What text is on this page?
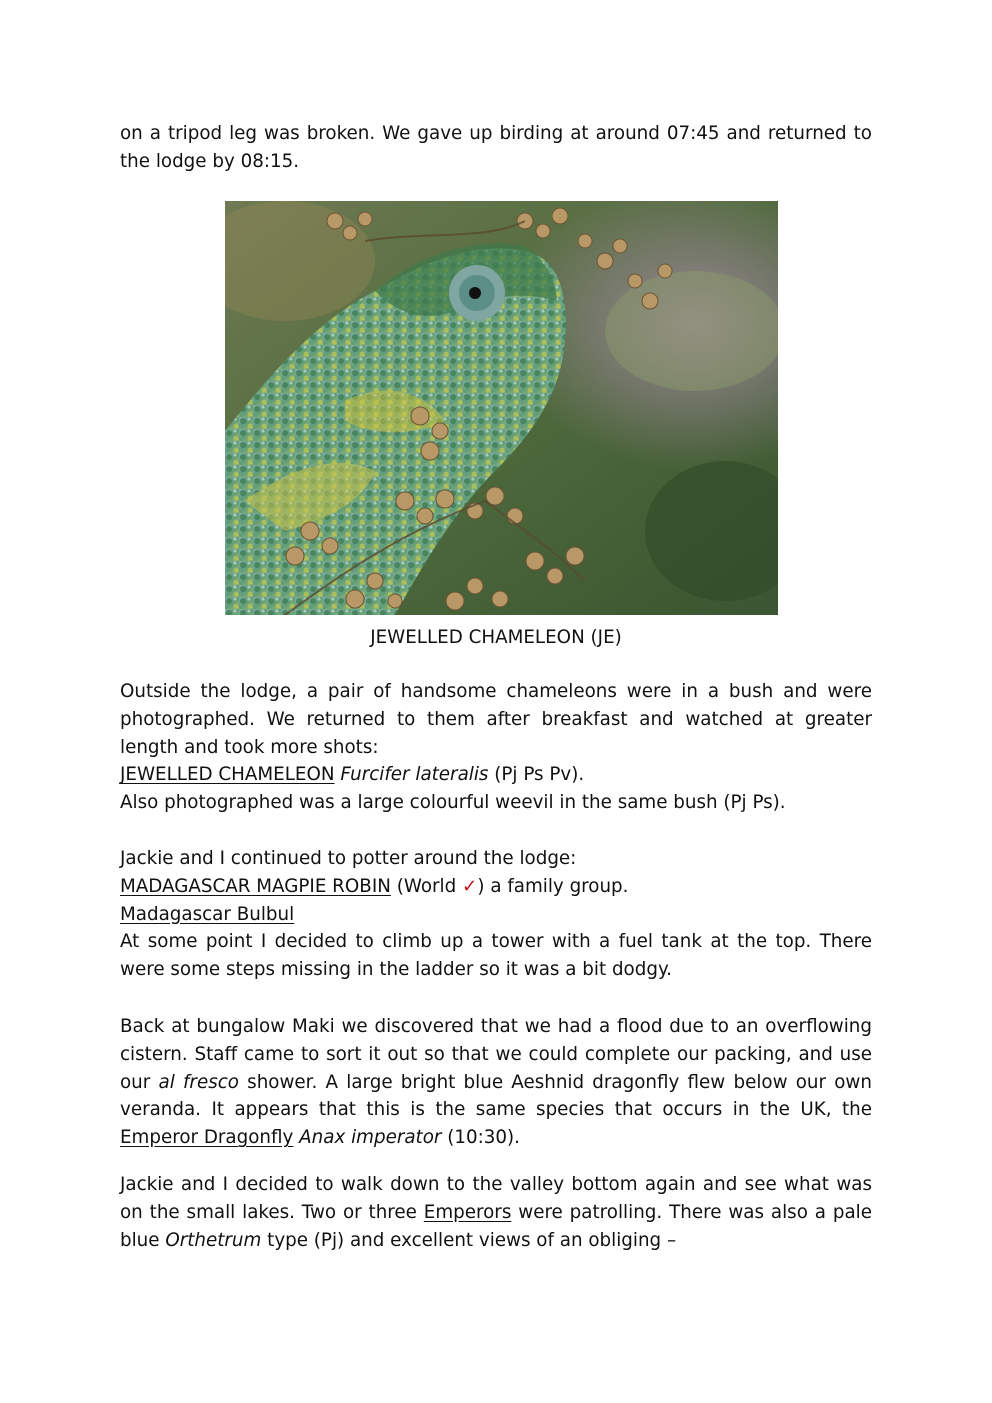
on a tripod leg was broken. We gave up birding at around 07:45 and returned to

the lodge by 08:15.

JEWELLED CHAMELEON (JE)

Outside the lodge, a pair of handsome chameleons were in a bush and were

photographed. We returned to them after breakfast and watched at greater

length and took more shots:

JEWELLED CHAMELEON Furcifer lateralis (Pj Ps Pv).

Also photographed was a large colourful weevil in the same bush (Pj Ps).

Jackie and I continued to potter around the lodge:

MADAGASCAR MAGPIE ROBIN (World ✓) a family group.

Madagascar Bulbul

At some point I decided to climb up a tower with a fuel tank at the top. There

were some steps missing in the ladder so it was a bit dodgy.

Back at bungalow Maki we discovered that we had a flood due to an overflowing

cistern. Staff came to sort it out so that we could complete our packing, and use

our al fresco shower. A large bright blue Aeshnid dragonfly flew below our own

veranda. It appears that this is the same species that occurs in the UK, the

Emperor Dragonfly Anax imperator (10:30).

Jackie and I decided to walk down to the valley bottom again and see what was

on the small lakes. Two or three Emperors were patrolling. There was also a pale

blue Orthetrum type (Pj) and excellent views of an obliging –
